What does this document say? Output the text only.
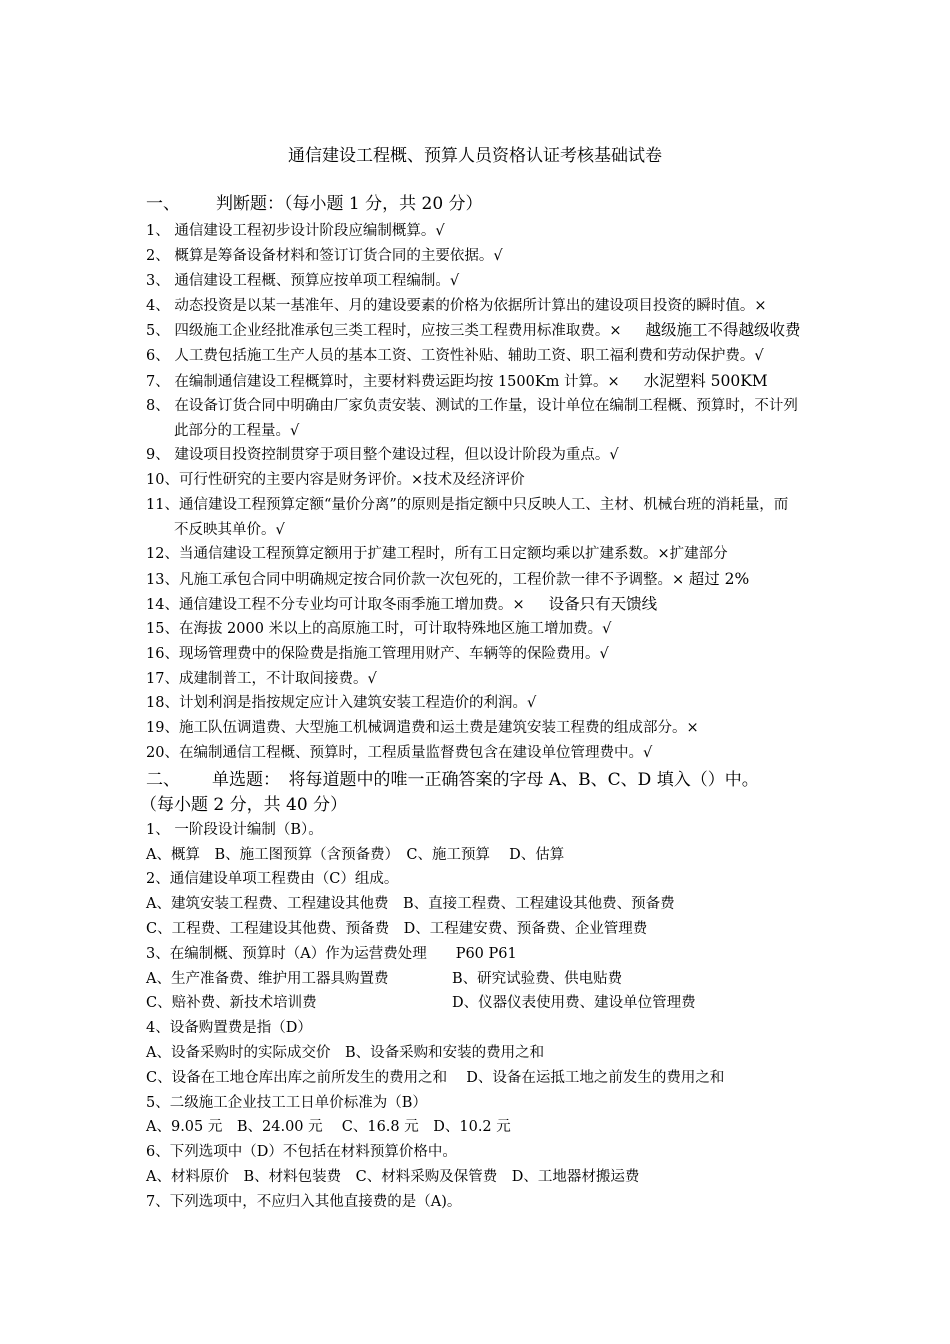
通信建设工程概、预算人员资格认证考核基础试卷
一、 判断题：（每小题 1 分，共 20 分）
1、 通信建设工程初步设计阶段应编制概算。√
2、 概算是筹备设备材料和签订订货合同的主要依据。√
3、 通信建设工程概、预算应按单项工程编制。√
4、 动态投资是以某一基准年、月的建设要素的价格为依据所计算出的建设项目投资的瞬时值。×
5、 四级施工企业经批准承包三类工程时，应按三类工程费用标准取费。× 越级施工不得越级收费
6、 人工费包括施工生产人员的基本工资、工资性补贴、辅助工资、职工福利费和劳动保护费。√
7、 在编制通信建设工程概算时，主要材料费运距均按 1500Km 计算。× 水泥塑料 500KM
8、 在设备订货合同中明确由厂家负责安装、测试的工作量，设计单位在编制工程概、预算时，不计列
此部分的工程量。√
9、 建设项目投资控制贯穿于项目整个建设过程，但以设计阶段为重点。√
10、可行性研究的主要内容是财务评价。×技术及经济评价
11、通信建设工程预算定额“量价分离”的原则是指定额中只反映人工、主材、机械台班的消耗量，而
不反映其单价。√
12、当通信建设工程预算定额用于扩建工程时，所有工日定额均乘以扩建系数。×扩建部分
13、凡施工承包合同中明确规定按合同价款一次包死的，工程价款一律不予调整。× 超过 2%
14、通信建设工程不分专业均可计取冬雨季施工增加费。× 设备只有天馈线
15、在海拔 2000 米以上的高原施工时，可计取特殊地区施工增加费。√
16、现场管理费中的保险费是指施工管理用财产、车辆等的保险费用。√
17、成建制普工，不计取间接费。√
18、计划利润是指按规定应计入建筑安装工程造价的利润。√
19、施工队伍调遣费、大型施工机械调遣费和运土费是建筑安装工程费的组成部分。×
20、在编制通信工程概、预算时，工程质量监督费包含在建设单位管理费中。√
二、 单选题：　将每道题中的唯一正确答案的字母 A、B、C、D 填入（）中。
（每小题 2 分，共 40 分）
1、 一阶段设计编制（B）。
A、概算　B、施工图预算（含预备费）　C、施工预算　 D、估算
2、通信建设单项工程费由（C）组成。
A、建筑安装工程费、工程建设其他费　B、直接工程费、工程建设其他费、预备费
C、工程费、工程建设其他费、预备费　D、工程建安费、预备费、企业管理费
3、在编制概、预算时（A）作为运营费处理　　P60 P61
A、生产准备费、维护用工器具购置费	B、研究试验费、供电贴费
C、赔补费、新技术培训费	D、仪器仪表使用费、建设单位管理费
4、设备购置费是指（D）
A、设备采购时的实际成交价　B、设备采购和安装的费用之和
C、设备在工地仓库出库之前所发生的费用之和　 D、设备在运抵工地之前发生的费用之和
5、二级施工企业技工工日单价标准为（B）
A、9.05 元　B、24.00 元　 C、16.8 元　D、10.2 元
6、下列选项中（D）不包括在材料预算价格中。
A、材料原价　B、材料包装费　C、材料采购及保管费　D、工地器材搬运费
7、下列选项中，不应归入其他直接费的是（A)。
